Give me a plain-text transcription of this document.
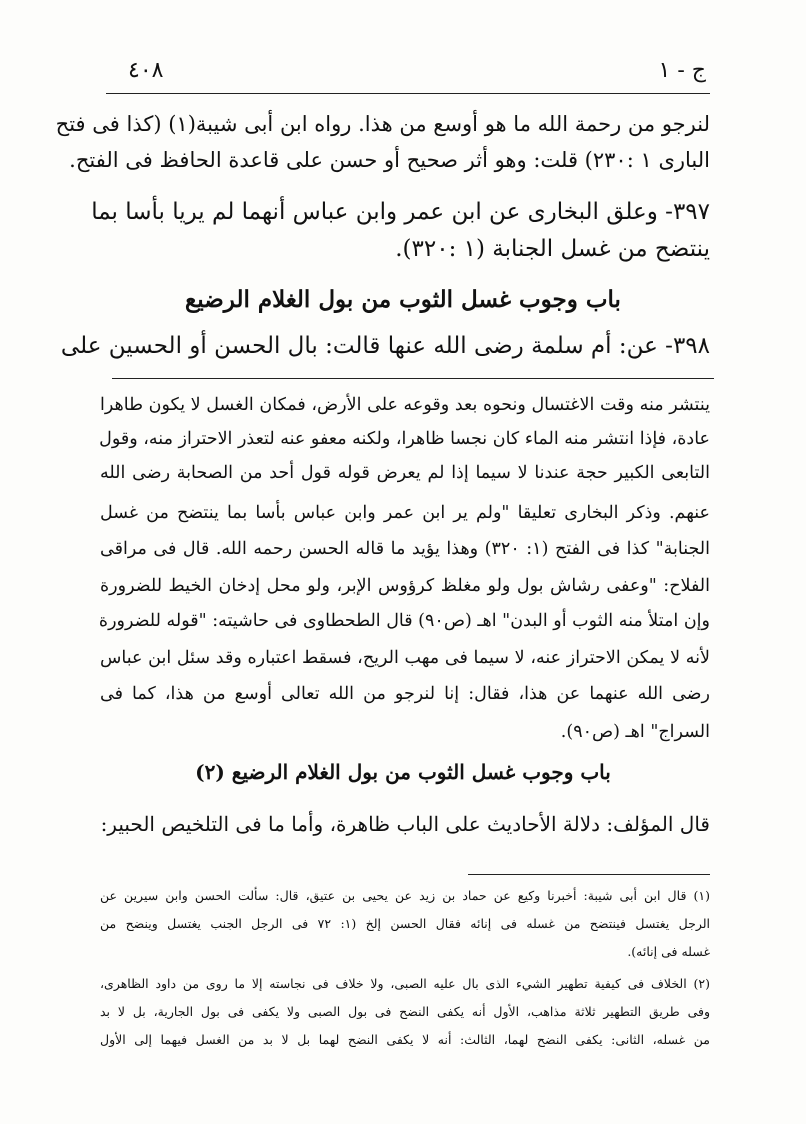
ج - ١
٤٠٨
لنرجو من رحمة الله ما هو أوسع من هذا. رواه ابن أبى شيبة(١) (كذا فى فتح
البارى ١ :٢٣٠) قلت: وهو أثر صحيح أو حسن على قاعدة الحافظ فى الفتح.
٣٩٧- وعلق البخارى عن ابن عمر وابن عباس أنهما لم يريا بأسا بما
ينتضح من غسل الجنابة (١ :٣٢٠).
باب وجوب غسل الثوب من بول الغلام الرضيع
٣٩٨- عن: أم سلمة رضى الله عنها قالت: بال الحسن أو الحسين على
ينتشر منه وقت الاغتسال ونحوه بعد وقوعه على الأرض، فمكان الغسل لا يكون طاهرا
عادة، فإذا انتشر منه الماء كان نجسا ظاهرا، ولكنه معفو عنه لتعذر الاحتراز منه، وقول
التابعى الكبير حجة عندنا لا سيما إذا لم يعرض قوله قول أحد من الصحابة رضى الله
عنهم. وذكر البخارى تعليقا "ولم ير ابن عمر وابن عباس بأسا بما ينتضح من غسل
الجنابة" كذا فى الفتح (١: ٣٢٠) وهذا يؤيد ما قاله الحسن رحمه الله. قال فى مراقى
الفلاح: "وعفى رشاش بول ولو مغلظ كرؤوس الإبر، ولو محل إدخان الخيط للضرورة
وإن امتلأ منه الثوب أو البدن" اهـ (ص٩٠) قال الطحطاوى فى حاشيته: "قوله للضرورة
لأنه لا يمكن الاحتراز عنه، لا سيما فى مهب الريح، فسقط اعتباره وقد سئل ابن عباس
رضى الله عنهما عن هذا، فقال: إنا لنرجو من الله تعالى أوسع من هذا، كما فى
السراج" اهـ (ص٩٠).
باب وجوب غسل الثوب من بول الغلام الرضيع (٢)
قال المؤلف: دلالة الأحاديث على الباب ظاهرة، وأما ما فى التلخيص الحبير:
(١) قال ابن أبى شيبة: أخبرنا وكيع عن حماد بن زيد عن يحيى بن عتيق، قال: سألت الحسن وابن سيرين عن
الرجل يغتسل فينتضح من غسله فى إنائه فقال الحسن إلخ (١: ٧٢ فى الرجل الجنب يغتسل وينضح من
غسله فى إنائه).
(٢) الخلاف فى كيفية تطهير الشيء الذى بال عليه الصبى، ولا خلاف فى نجاسته إلا ما روى من داود الظاهرى،
وفى طريق التطهير ثلاثة مذاهب، الأول أنه يكفى النضح فى بول الصبى ولا يكفى فى بول الجارية، بل لا بد
من غسله، الثانى: يكفى النضح لهما، الثالث: أنه لا يكفى النضح لهما بل لا بد من الغسل فيهما إلى الأول
